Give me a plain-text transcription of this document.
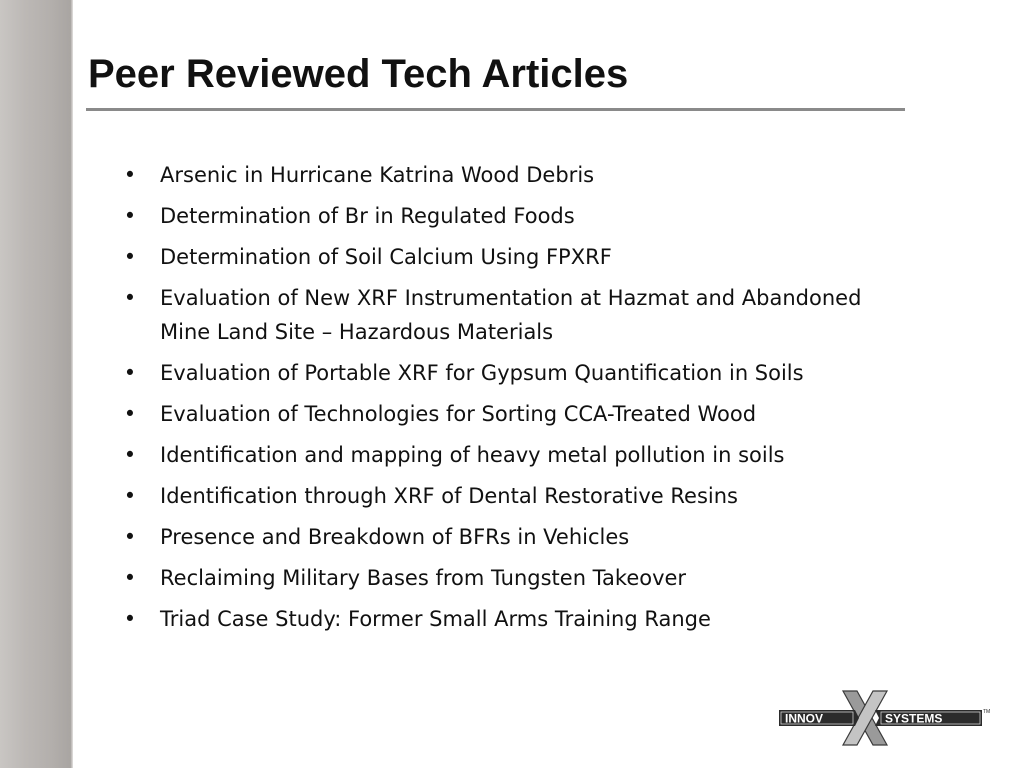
Peer Reviewed Tech Articles
• Arsenic in Hurricane Katrina Wood Debris
• Determination of Br in Regulated Foods
• Determination of Soil Calcium Using FPXRF
• Evaluation of New XRF Instrumentation at Hazmat and Abandoned Mine Land Site – Hazardous Materials
• Evaluation of Portable XRF for Gypsum Quantification in Soils
• Evaluation of Technologies for Sorting CCA-Treated Wood
• Identification and mapping of heavy metal pollution in soils
• Identification through XRF of Dental Restorative Resins
• Presence and Breakdown of BFRs in Vehicles
• Reclaiming Military Bases from Tungsten Takeover
• Triad Case Study: Former Small Arms Training Range
INNOV	SYSTEMS	TM
